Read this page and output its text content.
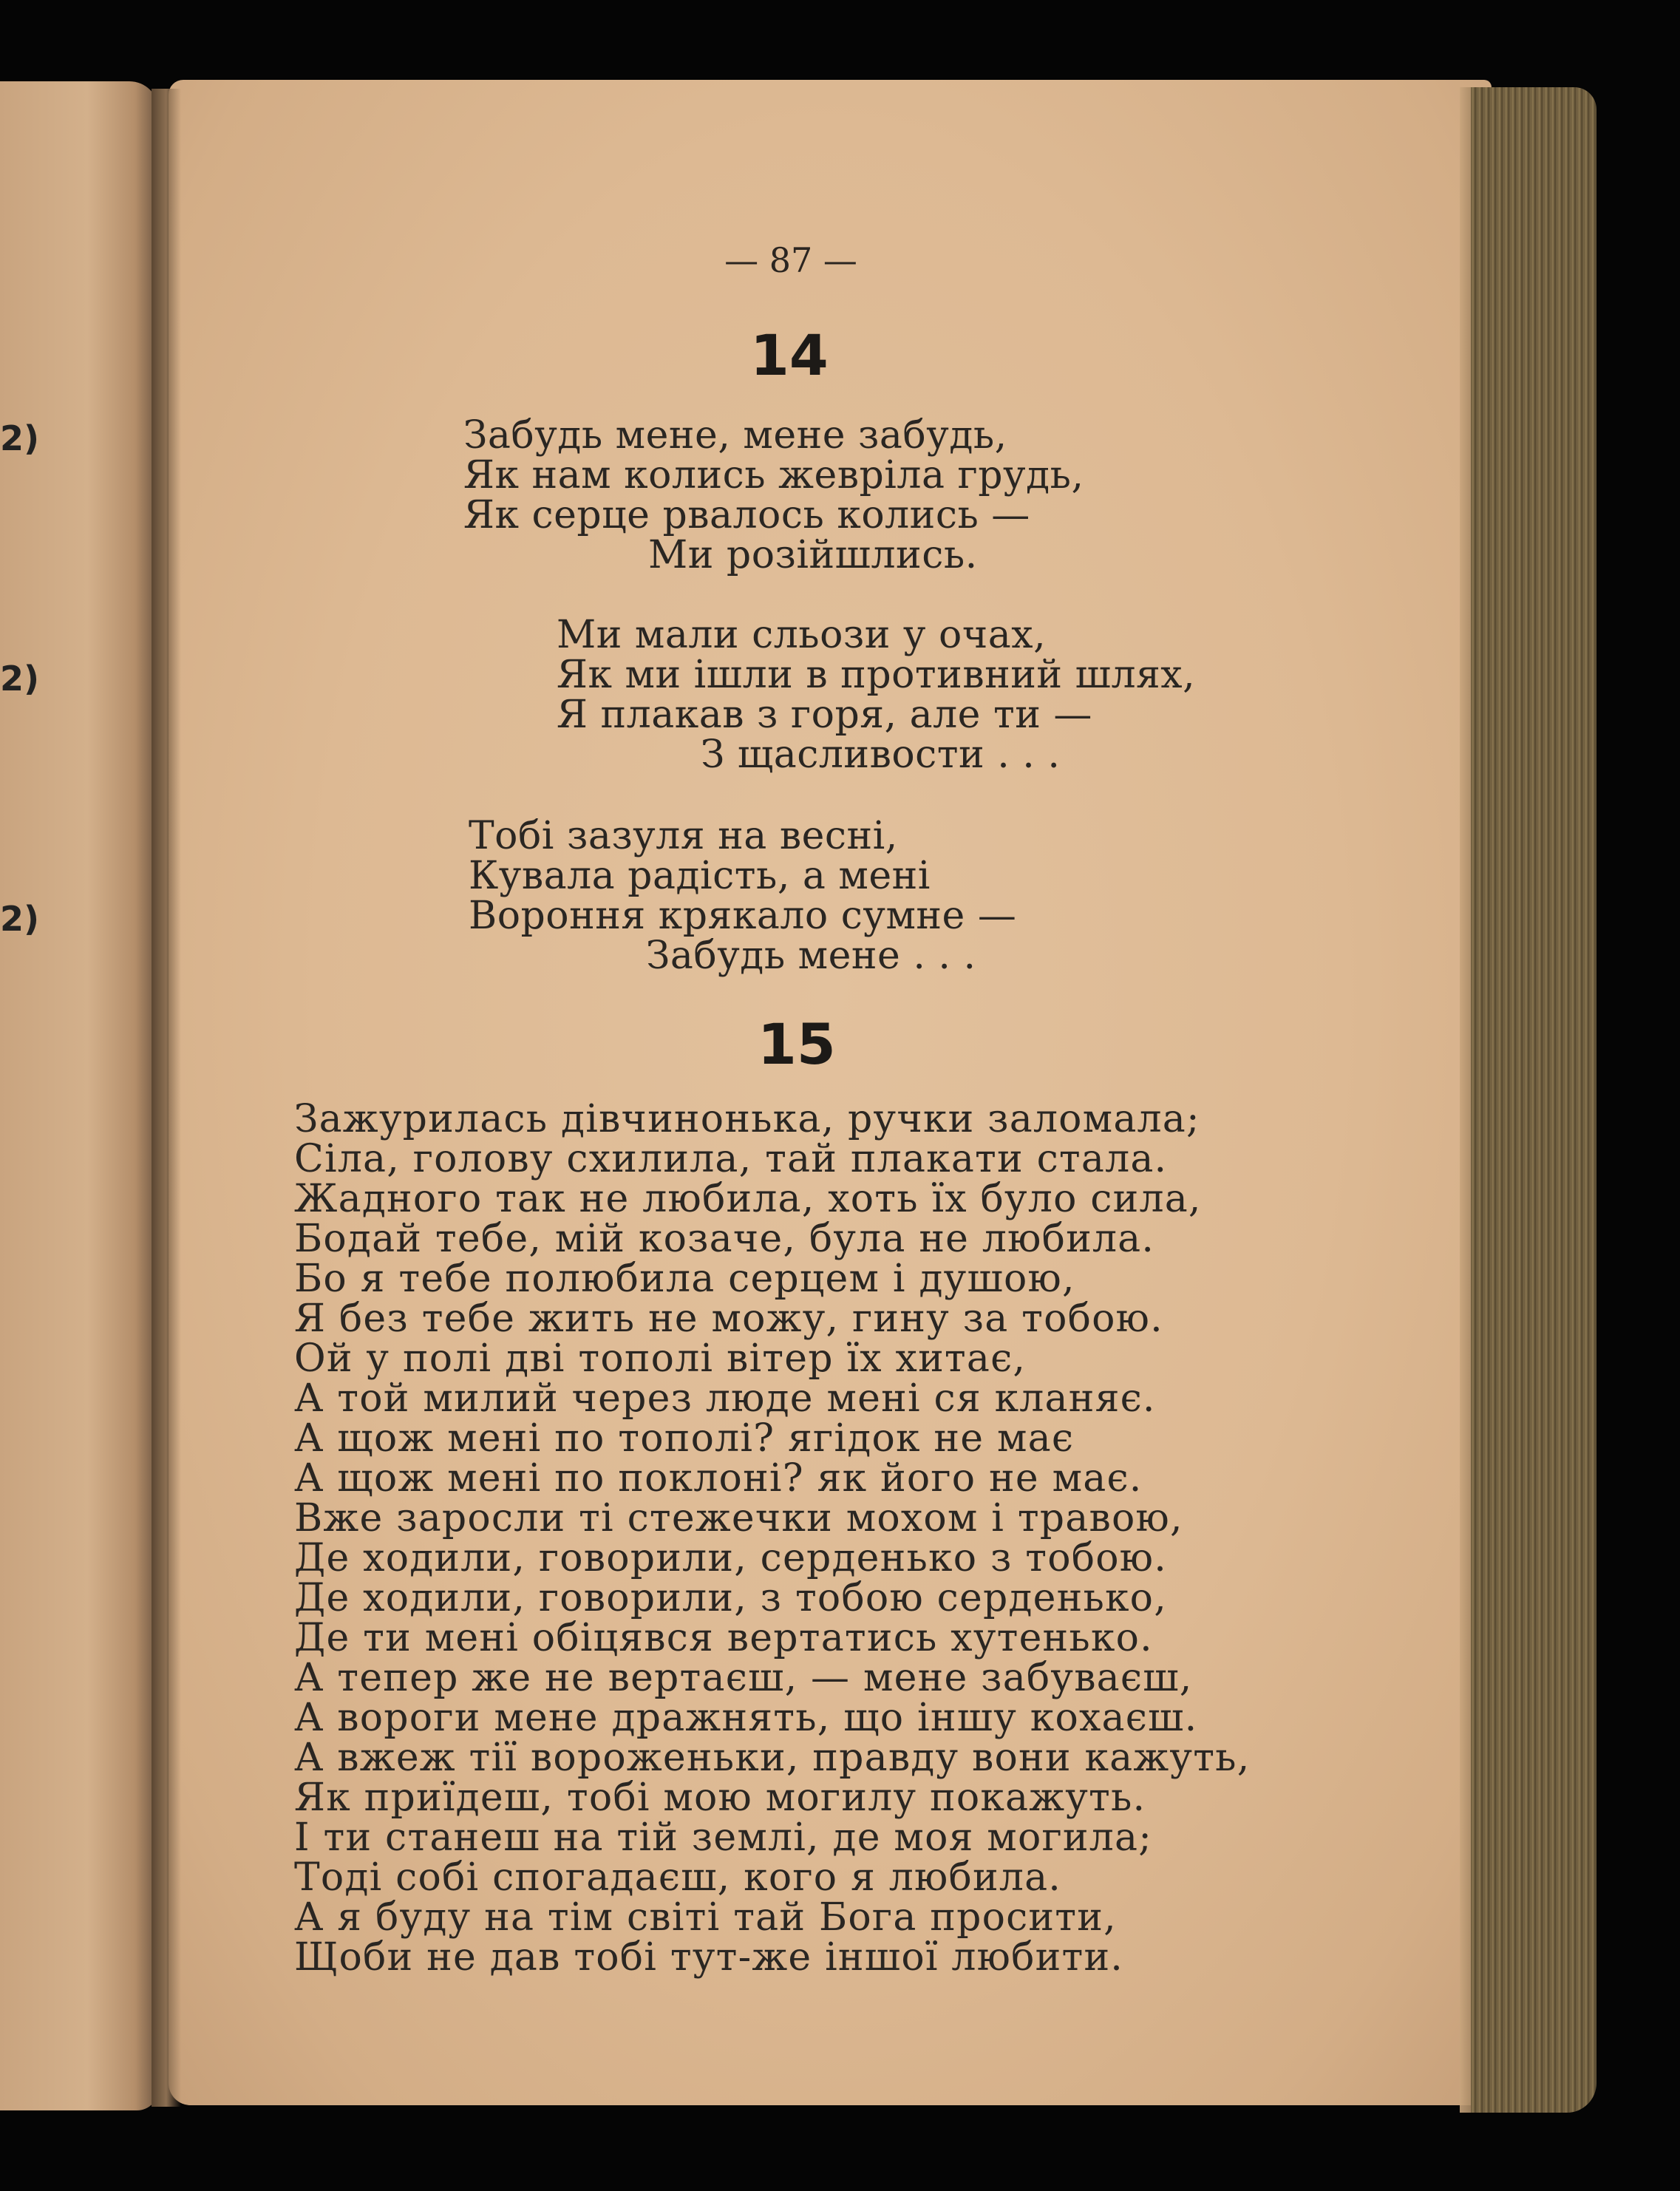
2)
2)
2)
— 87 —
14
Забудь мене, мене забудь,
Як нам колись жевріла грудь,
Як серце рвалось колись —
Ми розійшлись.
Ми мали сльози у очах,
Як ми ішли в противний шлях,
Я плакав з горя, але ти —
З щасливости . . .
Тобі зазуля на весні,
Кувала радість, а мені
Вороння крякало сумне —
Забудь мене . . .
15
Зажурилась дівчинонька, ручки заломала;
Сіла, голову схилила, тай плакати стала.
Жадного так не любила, хоть їх було сила,
Бодай тебе, мій козаче, була не любила.
Бо я тебе полюбила серцем і душою,
Я без тебе жить не можу, гину за тобою.
Ой у полі дві тополі вітер їх хитає,
А той милий через люде мені ся кланяє.
А щож мені по тополі? ягідок не має
А щож мені по поклоні? як його не має.
Вже заросли ті стежечки мохом і травою,
Де ходили, говорили, серденько з тобою.
Де ходили, говорили, з тобою серденько,
Де ти мені обіцявся вертатись хутенько.
А тепер же не вертаєш, — мене забуваєш,
А вороги мене дражнять, що іншу кохаєш.
А вжеж тії вороженьки, правду вони кажуть,
Як приїдеш, тобі мою могилу покажуть.
І ти станеш на тій землі, де моя могила;
Тоді собі спогадаєш, кого я любила.
А я буду на тім світі тай Бога просити,
Щоби не дав тобі тут-же іншої любити.
